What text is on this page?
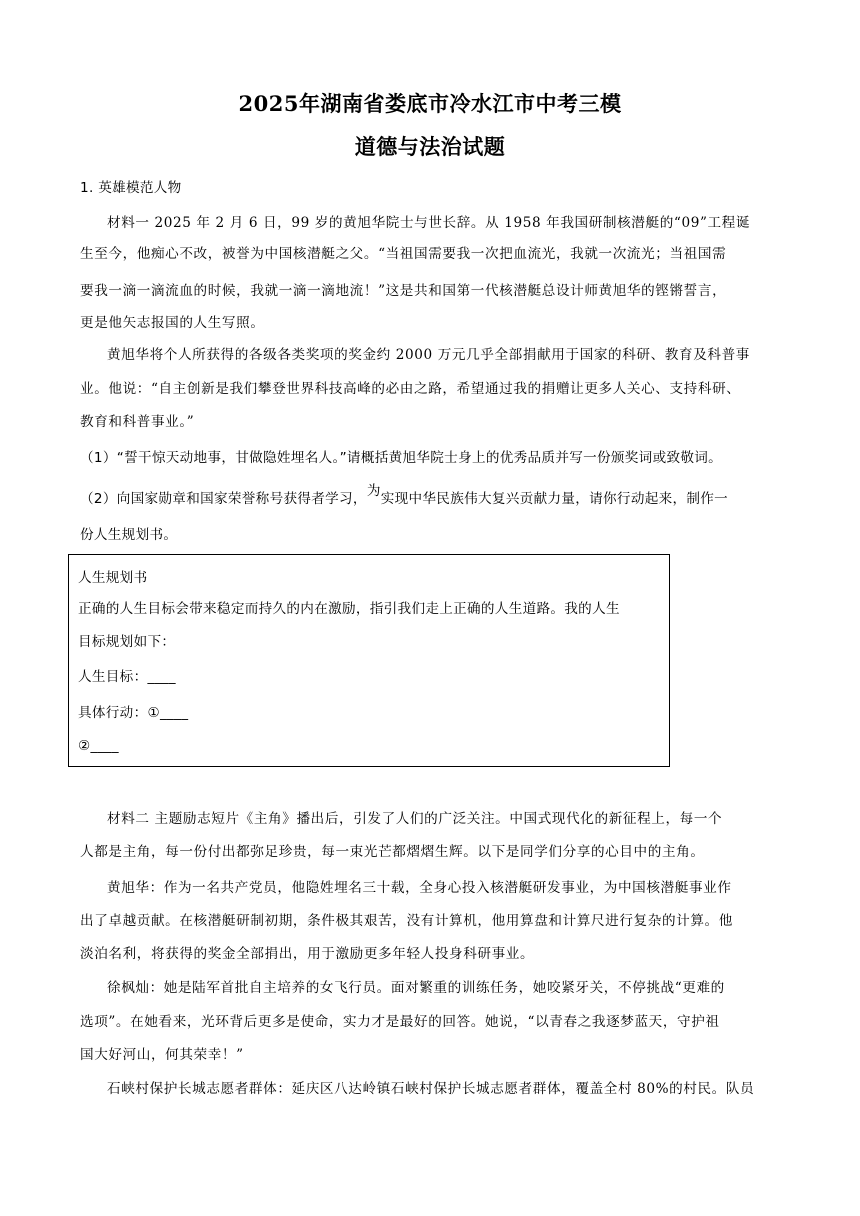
2025年湖南省娄底市冷水江市中考三模
道德与法治试题
1. 英雄模范人物
材料一 2025 年 2 月 6 日，99 岁的黄旭华院士与世长辞。从 1958 年我国研制核潜艇的“09”工程诞
生至今，他痴心不改，被誉为中国核潜艇之父。“当祖国需要我一次把血流光，我就一次流光；当祖国需
要我一滴一滴流血的时候，我就一滴一滴地流！”这是共和国第一代核潜艇总设计师黄旭华的铿锵誓言，
更是他矢志报国的人生写照。
黄旭华将个人所获得的各级各类奖项的奖金约 2000 万元几乎全部捐献用于国家的科研、教育及科普事
业。他说：“自主创新是我们攀登世界科技高峰的必由之路，希望通过我的捐赠让更多人关心、支持科研、
教育和科普事业。”
（1）“誓干惊天动地事，甘做隐姓埋名人。”请概括黄旭华院士身上的优秀品质并写一份颁奖词或致敬词。
（2）向国家勋章和国家荣誉称号获得者学习，为实现中华民族伟大复兴贡献力量，请你行动起来，制作一
份人生规划书。
人生规划书
正确的人生目标会带来稳定而持久的内在激励，指引我们走上正确的人生道路。我的人生
目标规划如下：
人生目标：____
具体行动：①____
②____
材料二 主题励志短片《主角》播出后，引发了人们的广泛关注。中国式现代化的新征程上，每一个
人都是主角，每一份付出都弥足珍贵，每一束光芒都熠熠生辉。以下是同学们分享的心目中的主角。
黄旭华：作为一名共产党员，他隐姓埋名三十载，全身心投入核潜艇研发事业，为中国核潜艇事业作
出了卓越贡献。在核潜艇研制初期，条件极其艰苦，没有计算机，他用算盘和计算尺进行复杂的计算。他
淡泊名利，将获得的奖金全部捐出，用于激励更多年轻人投身科研事业。
徐枫灿：她是陆军首批自主培养的女飞行员。面对繁重的训练任务，她咬紧牙关，不停挑战“更难的
选项”。在她看来，光环背后更多是使命，实力才是最好的回答。她说，“以青春之我逐梦蓝天，守护祖
国大好河山，何其荣幸！”
石峡村保护长城志愿者群体：延庆区八达岭镇石峡村保护长城志愿者群体，覆盖全村 80%的村民。队员
